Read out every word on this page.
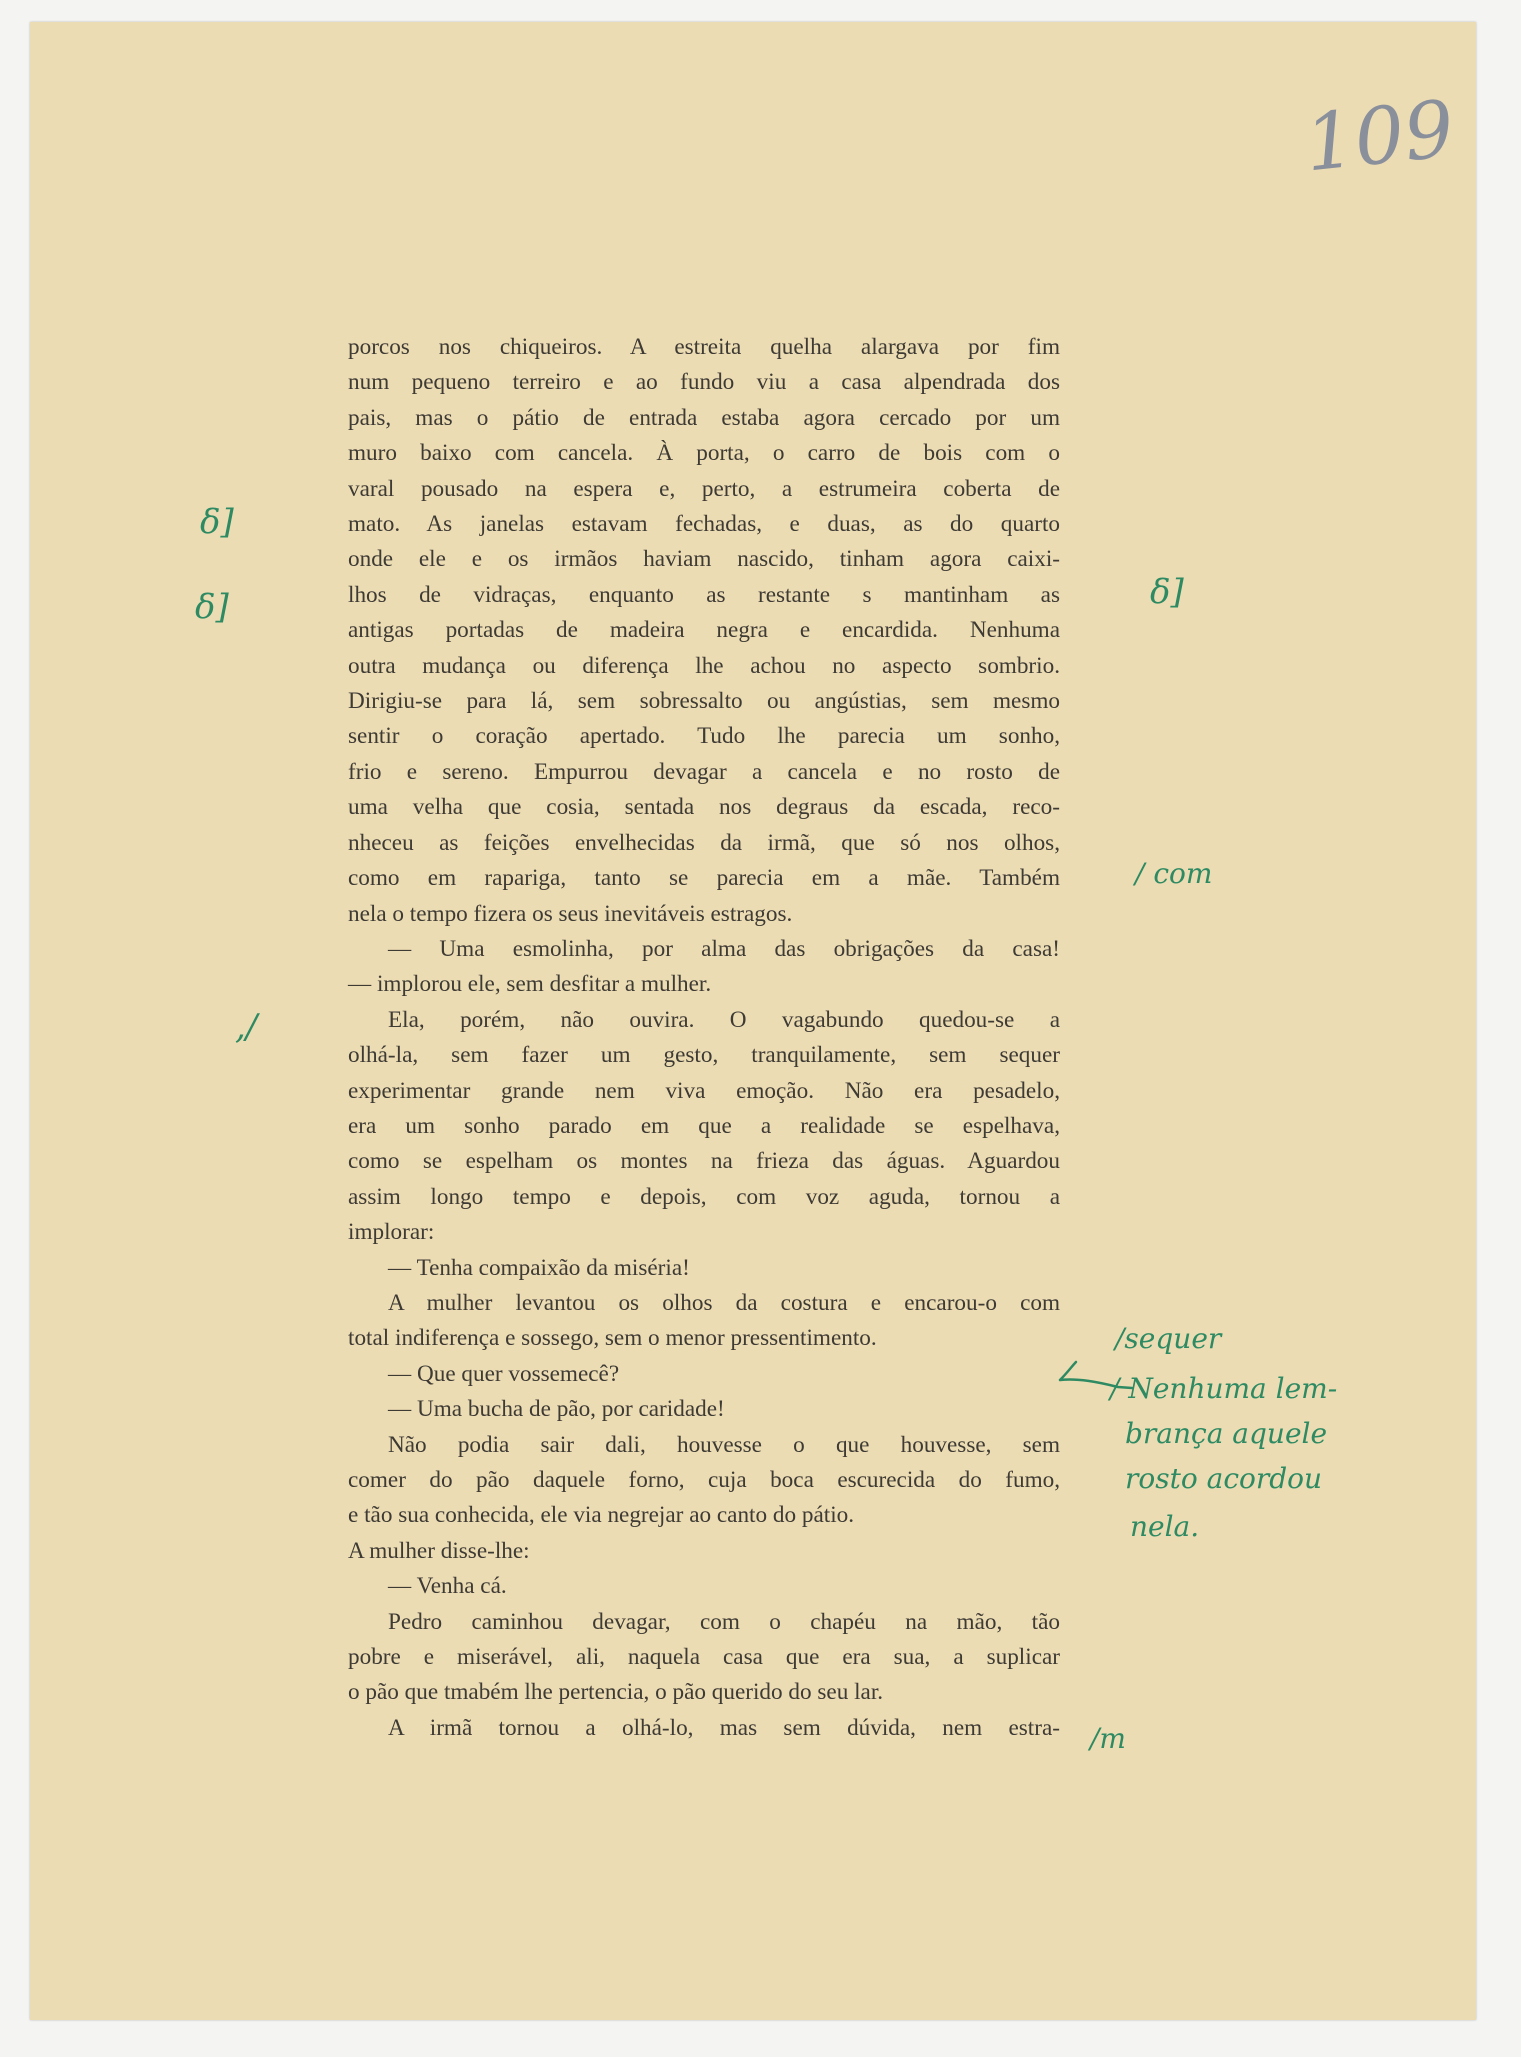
109
porcos nos chiqueiros. A estreita quelha alargava por fim
num pequeno terreiro e ao fundo viu a casa alpendrada dos
pais, mas o pátio de entrada estaba agora cercado por um
muro baixo com cancela. À porta, o carro de bois com o
varal pousado na espera e, perto, a estrumeira coberta de
mato. As janelas estavam fechadas, e duas, as do quarto
onde ele e os irmãos haviam nascido, tinham agora caixi-
lhos de vidraças, enquanto as restante s mantinham as
antigas portadas de madeira negra e encardida. Nenhuma
outra mudança ou diferença lhe achou no aspecto sombrio.
Dirigiu-se para lá, sem sobressalto ou angústias, sem mesmo
sentir o coração apertado. Tudo lhe parecia um sonho,
frio e sereno. Empurrou devagar a cancela e no rosto de
uma velha que cosia, sentada nos degraus da escada, reco-
nheceu as feições envelhecidas da irmã, que só nos olhos,
como em rapariga, tanto se parecia em a mãe. Também
nela o tempo fizera os seus inevitáveis estragos.
— Uma esmolinha, por alma das obrigações da casa!
— implorou ele, sem desfitar a mulher.
Ela, porém, não ouvira. O vagabundo quedou-se a
olhá-la, sem fazer um gesto, tranquilamente, sem sequer
experimentar grande nem viva emoção. Não era pesadelo,
era um sonho parado em que a realidade se espelhava,
como se espelham os montes na frieza das águas. Aguardou
assim longo tempo e depois, com voz aguda, tornou a
implorar:
— Tenha compaixão da miséria!
A mulher levantou os olhos da costura e encarou-o com
total indiferença e sossego, sem o menor pressentimento.
— Que quer vossemecê?
— Uma bucha de pão, por caridade!
Não podia sair dali, houvesse o que houvesse, sem
comer do pão daquele forno, cuja boca escurecida do fumo,
e tão sua conhecida, ele via negrejar ao canto do pátio.
A mulher disse-lhe:
— Venha cá.
Pedro caminhou devagar, com o chapéu na mão, tão
pobre e miserável, ali, naquela casa que era sua, a suplicar
o pão que tmabém lhe pertencia, o pão querido do seu lar.
A irmã tornou a olhá-lo, mas sem dúvida, nem estra-
δ]
δ]
,/
δ]
/ com
/sequer
/ Nenhuma lem-
brança aquele
rosto acordou
nela.
/m
